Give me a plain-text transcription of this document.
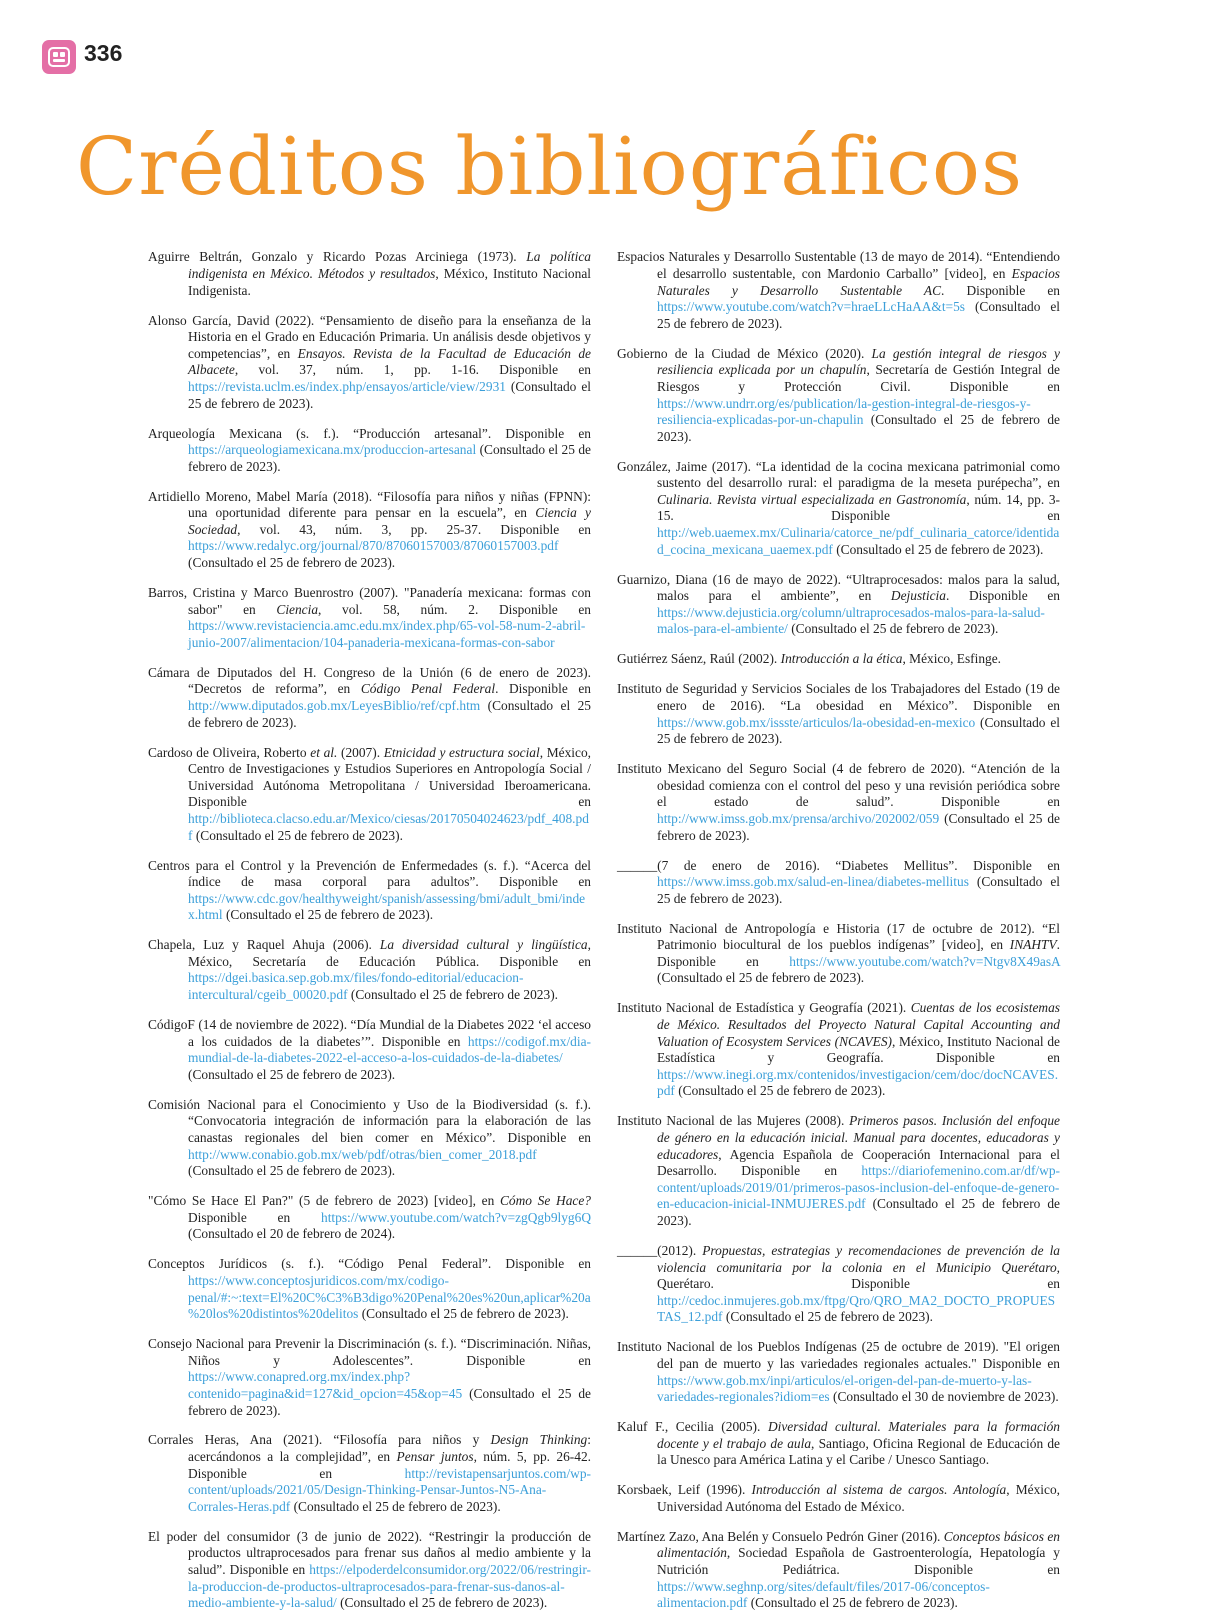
336
Créditos bibliográficos

Aguirre Beltrán, Gonzalo y Ricardo Pozas Arciniega (1973). La política indigenista en México. Métodos y resultados, México, Instituto Nacional Indigenista.

Alonso García, David (2022). “Pensamiento de diseño para la enseñanza de la Historia en el Grado en Educación Primaria. Un análisis desde objetivos y competencias”, en Ensayos. Revista de la Facultad de Educación de Albacete, vol. 37, núm. 1, pp. 1-16. Disponible en https://revista.uclm.es/index.php/ensayos/article/view/2931 (Consultado el 25 de febrero de 2023).

Arqueología Mexicana (s. f.). “Producción artesanal”. Disponible en https://arqueologiamexicana.mx/produccion-artesanal (Consultado el 25 de febrero de 2023).

Artidiello Moreno, Mabel María (2018). “Filosofía para niños y niñas (FPNN): una oportunidad diferente para pensar en la escuela”, en Ciencia y Sociedad, vol. 43, núm. 3, pp. 25-37. Disponible en https://www.redalyc.org/journal/870/87060157003/87060157003.pdf (Consultado el 25 de febrero de 2023).

Barros, Cristina y Marco Buenrostro (2007). "Panadería mexicana: formas con sabor" en Ciencia, vol. 58, núm. 2. Disponible en https://www.revistaciencia.amc.edu.mx/index.php/65-vol-58-num-2-abril-junio-2007/alimentacion/104-panaderia-mexicana-formas-con-sabor

Cámara de Diputados del H. Congreso de la Unión (6 de enero de 2023). “Decretos de reforma”, en Código Penal Federal. Disponible en http://www.diputados.gob.mx/LeyesBiblio/ref/cpf.htm (Consultado el 25 de febrero de 2023).

Cardoso de Oliveira, Roberto et al. (2007). Etnicidad y estructura social, México, Centro de Investigaciones y Estudios Superiores en Antropología Social / Universidad Autónoma Metropolitana / Universidad Iberoamericana. Disponible en http://biblioteca.clacso.edu.ar/Mexico/ciesas/20170504024623/pdf_408.pdf (Consultado el 25 de febrero de 2023).

Centros para el Control y la Prevención de Enfermedades (s. f.). “Acerca del índice de masa corporal para adultos”. Disponible en https://www.cdc.gov/healthyweight/spanish/assessing/bmi/adult_bmi/index.html (Consultado el 25 de febrero de 2023).

Chapela, Luz y Raquel Ahuja (2006). La diversidad cultural y lingüística, México, Secretaría de Educación Pública. Disponible en https://dgei.basica.sep.gob.mx/files/fondo-editorial/educacion-intercultural/cgeib_00020.pdf (Consultado el 25 de febrero de 2023).

CódigoF (14 de noviembre de 2022). “Día Mundial de la Diabetes 2022 ‘el acceso a los cuidados de la diabetes’”. Disponible en https://codigof.mx/dia-mundial-de-la-diabetes-2022-el-acceso-a-los-cuidados-de-la-diabetes/ (Consultado el 25 de febrero de 2023).

Comisión Nacional para el Conocimiento y Uso de la Biodiversidad (s. f.). “Convocatoria integración de información para la elaboración de las canastas regionales del bien comer en México”. Disponible en http://www.conabio.gob.mx/web/pdf/otras/bien_comer_2018.pdf (Consultado el 25 de febrero de 2023).

"Cómo Se Hace El Pan?" (5 de febrero de 2023) [video], en Cómo Se Hace? Disponible en https://www.youtube.com/watch?v=zgQgb9lyg6Q (Consultado el 20 de febrero de 2024).

Conceptos Jurídicos (s. f.). “Código Penal Federal”. Disponible en https://www.conceptosjuridicos.com/mx/codigo-penal/#:~:text=El%20C%C3%B3digo%20Penal%20es%20un,aplicar%20a%20los%20distintos%20delitos (Consultado el 25 de febrero de 2023).

Consejo Nacional para Prevenir la Discriminación (s. f.). “Discriminación. Niñas, Niños y Adolescentes”. Disponible en https://www.conapred.org.mx/index.php?contenido=pagina&id=127&id_opcion=45&op=45 (Consultado el 25 de febrero de 2023).

Corrales Heras, Ana (2021). “Filosofía para niños y Design Thinking: acercándonos a la complejidad”, en Pensar juntos, núm. 5, pp. 26-42. Disponible en http://revistapensarjuntos.com/wp-content/uploads/2021/05/Design-Thinking-Pensar-Juntos-N5-Ana-Corrales-Heras.pdf (Consultado el 25 de febrero de 2023).

El poder del consumidor (3 de junio de 2022). “Restringir la producción de productos ultraprocesados para frenar sus daños al medio ambiente y la salud”. Disponible en https://elpoderdelconsumidor.org/2022/06/restringir-la-produccion-de-productos-ultraprocesados-para-frenar-sus-danos-al-medio-ambiente-y-la-salud/ (Consultado el 25 de febrero de 2023).

Espacios Naturales y Desarrollo Sustentable (13 de mayo de 2014). “Entendiendo el desarrollo sustentable, con Mardonio Carballo” [video], en Espacios Naturales y Desarrollo Sustentable AC. Disponible en https://www.youtube.com/watch?v=hraeLLcHaAA&t=5s (Consultado el 25 de febrero de 2023).

Gobierno de la Ciudad de México (2020). La gestión integral de riesgos y resiliencia explicada por un chapulín, Secretaría de Gestión Integral de Riesgos y Protección Civil. Disponible en https://www.undrr.org/es/publication/la-gestion-integral-de-riesgos-y-resiliencia-explicadas-por-un-chapulin (Consultado el 25 de febrero de 2023).

González, Jaime (2017). “La identidad de la cocina mexicana patrimonial como sustento del desarrollo rural: el paradigma de la meseta purépecha”, en Culinaria. Revista virtual especializada en Gastronomía, núm. 14, pp. 3-15. Disponible en http://web.uaemex.mx/Culinaria/catorce_ne/pdf_culinaria_catorce/identidad_cocina_mexicana_uaemex.pdf (Consultado el 25 de febrero de 2023).

Guarnizo, Diana (16 de mayo de 2022). “Ultraprocesados: malos para la salud, malos para el ambiente”, en Dejusticia. Disponible en https://www.dejusticia.org/column/ultraprocesados-malos-para-la-salud-malos-para-el-ambiente/ (Consultado el 25 de febrero de 2023).

Gutiérrez Sáenz, Raúl (2002). Introducción a la ética, México, Esfinge.

Instituto de Seguridad y Servicios Sociales de los Trabajadores del Estado (19 de enero de 2016). “La obesidad en México”. Disponible en https://www.gob.mx/issste/articulos/la-obesidad-en-mexico (Consultado el 25 de febrero de 2023).

Instituto Mexicano del Seguro Social (4 de febrero de 2020). “Atención de la obesidad comienza con el control del peso y una revisión periódica sobre el estado de salud”. Disponible en http://www.imss.gob.mx/prensa/archivo/202002/059 (Consultado el 25 de febrero de 2023).

______(7 de enero de 2016). “Diabetes Mellitus”. Disponible en https://www.imss.gob.mx/salud-en-linea/diabetes-mellitus (Consultado el 25 de febrero de 2023).

Instituto Nacional de Antropología e Historia (17 de octubre de 2012). “El Patrimonio biocultural de los pueblos indígenas” [video], en INAHTV. Disponible en https://www.youtube.com/watch?v=Ntgv8X49asA (Consultado el 25 de febrero de 2023).

Instituto Nacional de Estadística y Geografía (2021). Cuentas de los ecosistemas de México. Resultados del Proyecto Natural Capital Accounting and Valuation of Ecosystem Services (NCAVES), México, Instituto Nacional de Estadística y Geografía. Disponible en https://www.inegi.org.mx/contenidos/investigacion/cem/doc/docNCAVES.pdf (Consultado el 25 de febrero de 2023).

Instituto Nacional de las Mujeres (2008). Primeros pasos. Inclusión del enfoque de género en la educación inicial. Manual para docentes, educadoras y educadores, Agencia Española de Cooperación Internacional para el Desarrollo. Disponible en https://diariofemenino.com.ar/df/wp-content/uploads/2019/01/primeros-pasos-inclusion-del-enfoque-de-genero-en-educacion-inicial-INMUJERES.pdf (Consultado el 25 de febrero de 2023).

______(2012). Propuestas, estrategias y recomendaciones de prevención de la violencia comunitaria por la colonia en el Municipio Querétaro, Querétaro. Disponible en http://cedoc.inmujeres.gob.mx/ftpg/Qro/QRO_MA2_DOCTO_PROPUESTAS_12.pdf (Consultado el 25 de febrero de 2023).

Instituto Nacional de los Pueblos Indígenas (25 de octubre de 2019). "El origen del pan de muerto y las variedades regionales actuales." Disponible en https://www.gob.mx/inpi/articulos/el-origen-del-pan-de-muerto-y-las-variedades-regionales?idiom=es (Consultado el 30 de noviembre de 2023).

Kaluf F., Cecilia (2005). Diversidad cultural. Materiales para la formación docente y el trabajo de aula, Santiago, Oficina Regional de Educación de la Unesco para América Latina y el Caribe / Unesco Santiago.

Korsbaek, Leif (1996). Introducción al sistema de cargos. Antología, México, Universidad Autónoma del Estado de México.

Martínez Zazo, Ana Belén y Consuelo Pedrón Giner (2016). Conceptos básicos en alimentación, Sociedad Española de Gastroenterología, Hepatología y Nutrición Pediátrica. Disponible en https://www.seghnp.org/sites/default/files/2017-06/conceptos-alimentacion.pdf (Consultado el 25 de febrero de 2023).
